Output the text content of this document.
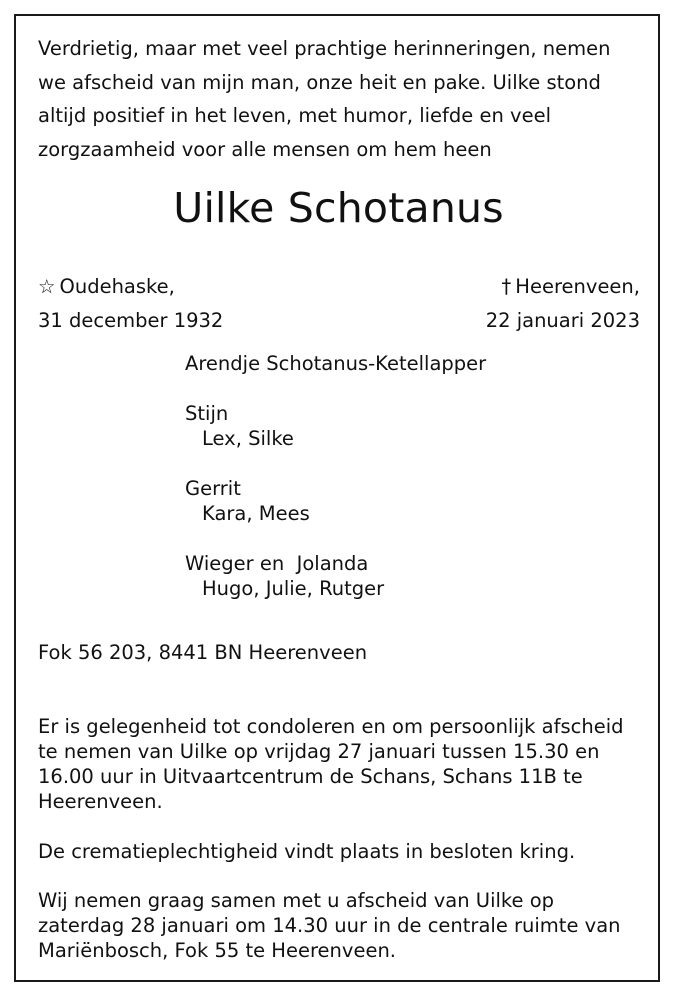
Verdrietig, maar met veel prachtige herinneringen, nemen
we afscheid van mijn man, onze heit en pake. Uilke stond
altijd positief in het leven, met humor, liefde en veel
zorgzaamheid voor alle mensen om hem heen
Uilke Schotanus
☆ Oudehaske,
31 december 1932
† Heerenveen,
22 januari 2023
Arendje Schotanus-Ketellapper
Stijn
Lex, Silke
Gerrit
Kara, Mees
Wieger en  Jolanda
Hugo, Julie, Rutger
Fok 56 203, 8441 BN Heerenveen
Er is gelegenheid tot condoleren en om persoonlijk afscheid
te nemen van Uilke op vrijdag 27 januari tussen 15.30 en
16.00 uur in Uitvaartcentrum de Schans, Schans 11B te
Heerenveen.
De crematieplechtigheid vindt plaats in besloten kring.
Wij nemen graag samen met u afscheid van Uilke op
zaterdag 28 januari om 14.30 uur in de centrale ruimte van
Mariënbosch, Fok 55 te Heerenveen.
